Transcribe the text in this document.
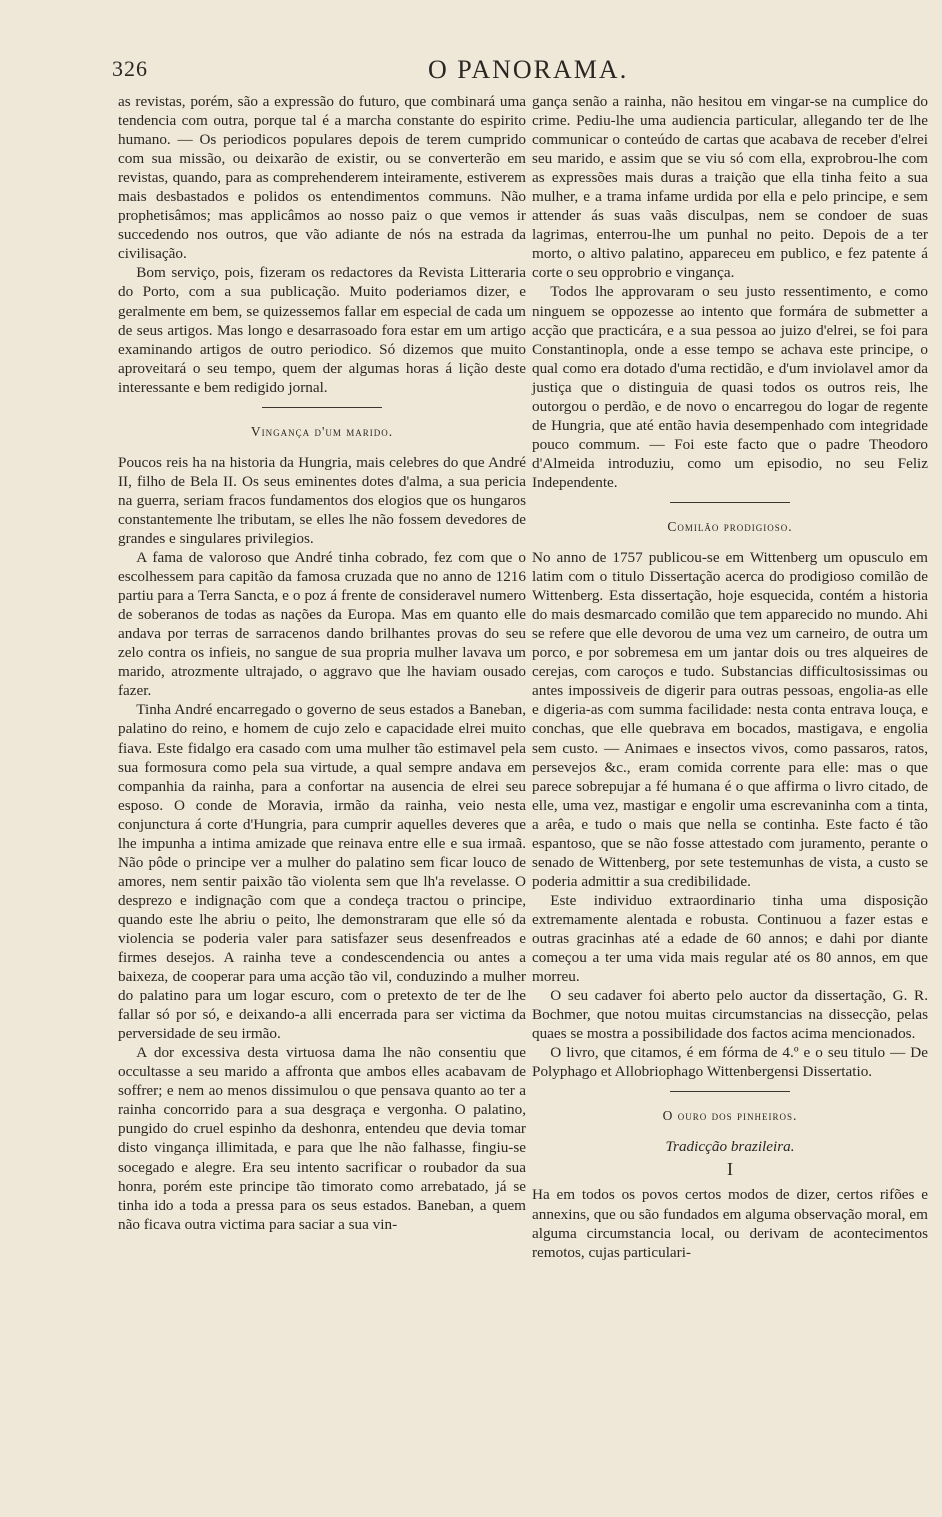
326	O PANORAMA.

as revistas, porém, são a expressão do futuro, que combinará uma tendencia com outra, porque tal é a marcha constante do espirito humano. — Os periodicos populares depois de terem cumprido com sua missão, ou deixarão de existir, ou se converterão em revistas, quando, para as comprehenderem inteiramente, estiverem mais desbastados e polidos os entendimentos communs. Não prophetisâmos; mas applicâmos ao nosso paiz o que vemos ir succedendo nos outros, que vão adiante de nós na estrada da civilisação.

Bom serviço, pois, fizeram os redactores da Revista Litteraria do Porto, com a sua publicação. Muito poderiamos dizer, e geralmente em bem, se quizessemos fallar em especial de cada um de seus artigos. Mas longo e desarrasoado fora estar em um artigo examinando artigos de outro periodico. Só dizemos que muito aproveitará o seu tempo, quem der algumas horas á lição deste interessante e bem redigido jornal.

Vingança d'um marido.

Poucos reis ha na historia da Hungria, mais celebres do que André II, filho de Bela II. Os seus eminentes dotes d'alma, a sua pericia na guerra, seriam fracos fundamentos dos elogios que os hungaros constantemente lhe tributam, se elles lhe não fossem devedores de grandes e singulares privilegios.

A fama de valoroso que André tinha cobrado, fez com que o escolhessem para capitão da famosa cruzada que no anno de 1216 partiu para a Terra Sancta, e o poz á frente de consideravel numero de soberanos de todas as nações da Europa. Mas em quanto elle andava por terras de sarracenos dando brilhantes provas do seu zelo contra os infieis, no sangue de sua propria mulher lavava um marido, atrozmente ultrajado, o aggravo que lhe haviam ousado fazer.

Tinha André encarregado o governo de seus estados a Baneban, palatino do reino, e homem de cujo zelo e capacidade elrei muito fiava. Este fidalgo era casado com uma mulher tão estimavel pela sua formosura como pela sua virtude, a qual sempre andava em companhia da rainha, para a confortar na ausencia de elrei seu esposo. O conde de Moravia, irmão da rainha, veio nesta conjunctura á corte d'Hungria, para cumprir aquelles deveres que lhe impunha a intima amizade que reinava entre elle e sua irmaã. Não pôde o principe ver a mulher do palatino sem ficar louco de amores, nem sentir paixão tão violenta sem que lh'a revelasse. O desprezo e indignação com que a condeça tractou o principe, quando este lhe abriu o peito, lhe demonstraram que elle só da violencia se poderia valer para satisfazer seus desenfreados e firmes desejos. A rainha teve a condescendencia ou antes a baixeza, de cooperar para uma acção tão vil, conduzindo a mulher do palatino para um logar escuro, com o pretexto de ter de lhe fallar só por só, e deixando-a alli encerrada para ser victima da perversidade de seu irmão.

A dor excessiva desta virtuosa dama lhe não consentiu que occultasse a seu marido a affronta que ambos elles acabavam de soffrer; e nem ao menos dissimulou o que pensava quanto ao ter a rainha concorrido para a sua desgraça e vergonha. O palatino, pungido do cruel espinho da deshonra, entendeu que devia tomar disto vingança illimitada, e para que lhe não falhasse, fingiu-se socegado e alegre. Era seu intento sacrificar o roubador da sua honra, porém este principe tão timorato como arrebatado, já se tinha ido a toda a pressa para os seus estados. Baneban, a quem não ficava outra victima para saciar a sua vin-

gança senão a rainha, não hesitou em vingar-se na cumplice do crime. Pediu-lhe uma audiencia particular, allegando ter de lhe communicar o conteúdo de cartas que acabava de receber d'elrei seu marido, e assim que se viu só com ella, exprobrou-lhe com as expressões mais duras a traição que ella tinha feito a sua mulher, e a trama infame urdida por ella e pelo principe, e sem attender ás suas vaãs disculpas, nem se condoer de suas lagrimas, enterrou-lhe um punhal no peito. Depois de a ter morto, o altivo palatino, appareceu em publico, e fez patente á corte o seu opprobrio e vingança.

Todos lhe approvaram o seu justo ressentimento, e como ninguem se oppozesse ao intento que formára de submetter a acção que practicára, e a sua pessoa ao juizo d'elrei, se foi para Constantinopla, onde a esse tempo se achava este principe, o qual como era dotado d'uma rectidão, e d'um inviolavel amor da justiça que o distinguia de quasi todos os outros reis, lhe outorgou o perdão, e de novo o encarregou do logar de regente de Hungria, que até então havia desempenhado com integridade pouco commum. — Foi este facto que o padre Theodoro d'Almeida introduziu, como um episodio, no seu Feliz Independente.

Comilão prodigioso.

No anno de 1757 publicou-se em Wittenberg um opusculo em latim com o titulo Dissertação acerca do prodigioso comilão de Wittenberg. Esta dissertação, hoje esquecida, contém a historia do mais desmarcado comilão que tem apparecido no mundo. Ahi se refere que elle devorou de uma vez um carneiro, de outra um porco, e por sobremesa em um jantar dois ou tres alqueires de cerejas, com caroços e tudo. Substancias difficultosissimas ou antes impossiveis de digerir para outras pessoas, engolia-as elle e digeria-as com summa facilidade: nesta conta entrava louça, e conchas, que elle quebrava em bocados, mastigava, e engolia sem custo. — Animaes e insectos vivos, como passaros, ratos, persevejos &c., eram comida corrente para elle: mas o que parece sobrepujar a fé humana é o que affirma o livro citado, de elle, uma vez, mastigar e engolir uma escrevaninha com a tinta, a arêa, e tudo o mais que nella se continha. Este facto é tão espantoso, que se não fosse attestado com juramento, perante o senado de Wittenberg, por sete testemunhas de vista, a custo se poderia admittir a sua credibilidade.

Este individuo extraordinario tinha uma disposição extremamente alentada e robusta. Continuou a fazer estas e outras gracinhas até a edade de 60 annos; e dahi por diante começou a ter uma vida mais regular até os 80 annos, em que morreu.

O seu cadaver foi aberto pelo auctor da dissertação, G. R. Bochmer, que notou muitas circumstancias na dissecção, pelas quaes se mostra a possibilidade dos factos acima mencionados.

O livro, que citamos, é em fórma de 4.º e o seu titulo — De Polyphago et Allobriophago Wittenbergensi Dissertatio.

O ouro dos pinheiros.
Tradicção brazileira.
I

Ha em todos os povos certos modos de dizer, certos rifões e annexins, que ou são fundados em alguma observação moral, em alguma circumstancia local, ou derivam de acontecimentos remotos, cujas particulari-
